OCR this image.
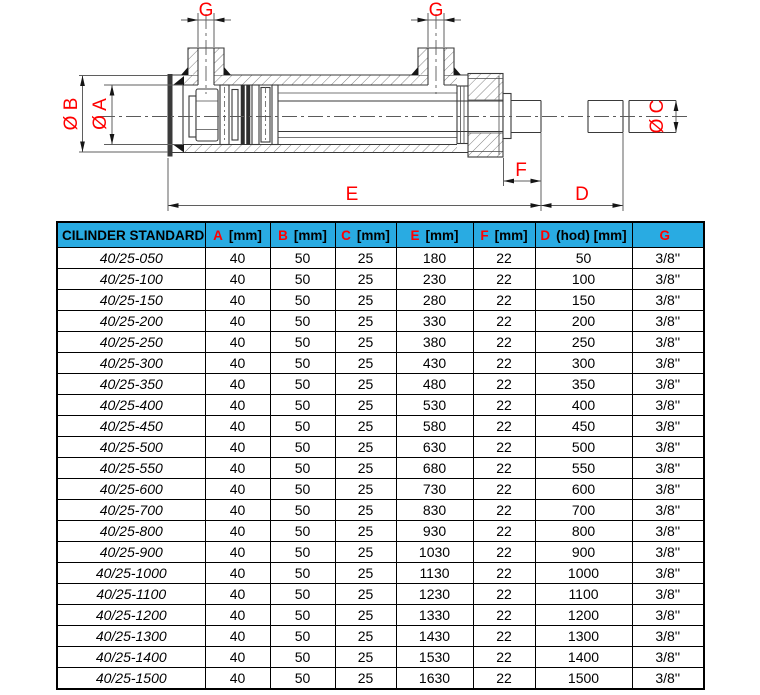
G	G
Ø B Ø A	Ø C
F
E	D
CILINDER STANDARD	A [mm]	B [mm]	C [mm]	E [mm]	F [mm]	D (hod) [mm]	G
40/25-050	40	50	25	180	22	50	3/8''
40/25-100	40	50	25	230	22	100	3/8''
40/25-150	40	50	25	280	22	150	3/8''
40/25-200	40	50	25	330	22	200	3/8''
40/25-250	40	50	25	380	22	250	3/8''
40/25-300	40	50	25	430	22	300	3/8''
40/25-350	40	50	25	480	22	350	3/8''
40/25-400	40	50	25	530	22	400	3/8''
40/25-450	40	50	25	580	22	450	3/8''
40/25-500	40	50	25	630	22	500	3/8''
40/25-550	40	50	25	680	22	550	3/8''
40/25-600	40	50	25	730	22	600	3/8''
40/25-700	40	50	25	830	22	700	3/8''
40/25-800	40	50	25	930	22	800	3/8''
40/25-900	40	50	25	1030	22	900	3/8''
40/25-1000	40	50	25	1130	22	1000	3/8''
40/25-1100	40	50	25	1230	22	1100	3/8''
40/25-1200	40	50	25	1330	22	1200	3/8''
40/25-1300	40	50	25	1430	22	1300	3/8''
40/25-1400	40	50	25	1530	22	1400	3/8''
40/25-1500	40	50	25	1630	22	1500	3/8''
